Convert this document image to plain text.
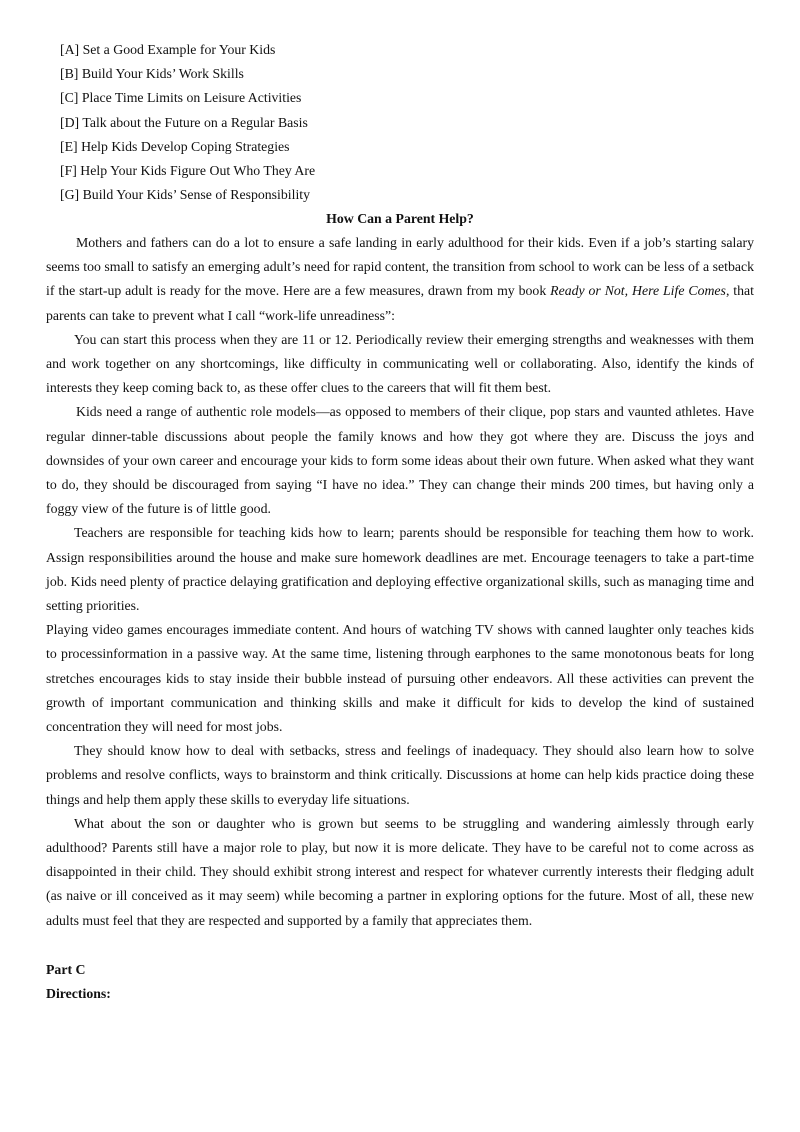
[A] Set a Good Example for Your Kids
[B] Build Your Kids’ Work Skills
[C] Place Time Limits on Leisure Activities
[D] Talk about the Future on a Regular Basis
[E] Help Kids Develop Coping Strategies
[F] Help Your Kids Figure Out Who They Are
[G] Build Your Kids’ Sense of Responsibility
How Can a Parent Help?

Mothers and fathers can do a lot to ensure a safe landing in early adulthood for their kids. Even if a job’s starting salary seems too small to satisfy an emerging adult’s need for rapid content, the transition from school to work can be less of a setback if the start-up adult is ready for the move. Here are a few measures, drawn from my book Ready or Not, Here Life Comes, that parents can take to prevent what I call “work-life unreadiness”:

You can start this process when they are 11 or 12. Periodically review their emerging strengths and weaknesses with them and work together on any shortcomings, like difficulty in communicating well or collaborating. Also, identify the kinds of interests they keep coming back to, as these offer clues to the careers that will fit them best.

Kids need a range of authentic role models—as opposed to members of their clique, pop stars and vaunted athletes. Have regular dinner-table discussions about people the family knows and how they got where they are. Discuss the joys and downsides of your own career and encourage your kids to form some ideas about their own future. When asked what they want to do, they should be discouraged from saying “I have no idea.” They can change their minds 200 times, but having only a foggy view of the future is of little good.

Teachers are responsible for teaching kids how to learn; parents should be responsible for teaching them how to work. Assign responsibilities around the house and make sure homework deadlines are met. Encourage teenagers to take a part-time job. Kids need plenty of practice delaying gratification and deploying effective organizational skills, such as managing time and setting priorities.

Playing video games encourages immediate content. And hours of watching TV shows with canned laughter only teaches kids to processinformation in a passive way. At the same time, listening through earphones to the same monotonous beats for long stretches encourages kids to stay inside their bubble instead of pursuing other endeavors. All these activities can prevent the growth of important communication and thinking skills and make it difficult for kids to develop the kind of sustained concentration they will need for most jobs.

They should know how to deal with setbacks, stress and feelings of inadequacy. They should also learn how to solve problems and resolve conflicts, ways to brainstorm and think critically. Discussions at home can help kids practice doing these things and help them apply these skills to everyday life situations.

What about the son or daughter who is grown but seems to be struggling and wandering aimlessly through early adulthood? Parents still have a major role to play, but now it is more delicate. They have to be careful not to come across as disappointed in their child. They should exhibit strong interest and respect for whatever currently interests their fledging adult (as naive or ill conceived as it may seem) while becoming a partner in exploring options for the future. Most of all, these new adults must feel that they are respected and supported by a family that appreciates them.

Part C
Directions:
